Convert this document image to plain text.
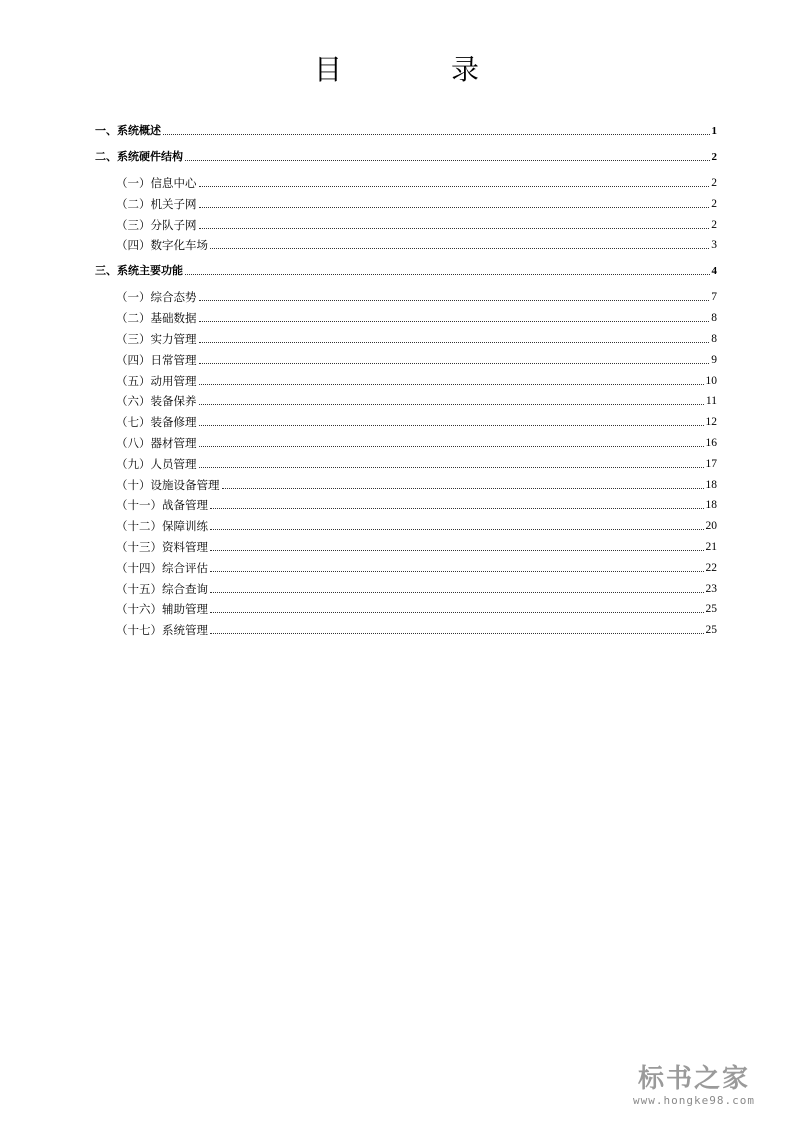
目 录
一、系统概述	1
二、系统硬件结构	2
（一）信息中心	2
（二）机关子网	2
（三）分队子网	2
（四）数字化车场	3
三、系统主要功能	4
（一）综合态势	7
（二）基础数据	8
（三）实力管理	8
（四）日常管理	9
（五）动用管理	10
（六）装备保养	11
（七）装备修理	12
（八）器材管理	16
（九）人员管理	17
（十）设施设备管理	18
（十一）战备管理	18
（十二）保障训练	20
（十三）资料管理	21
（十四）综合评估	22
（十五）综合查询	23
（十六）辅助管理	25
（十七）系统管理	25
标书之家
www.hongke98.com
